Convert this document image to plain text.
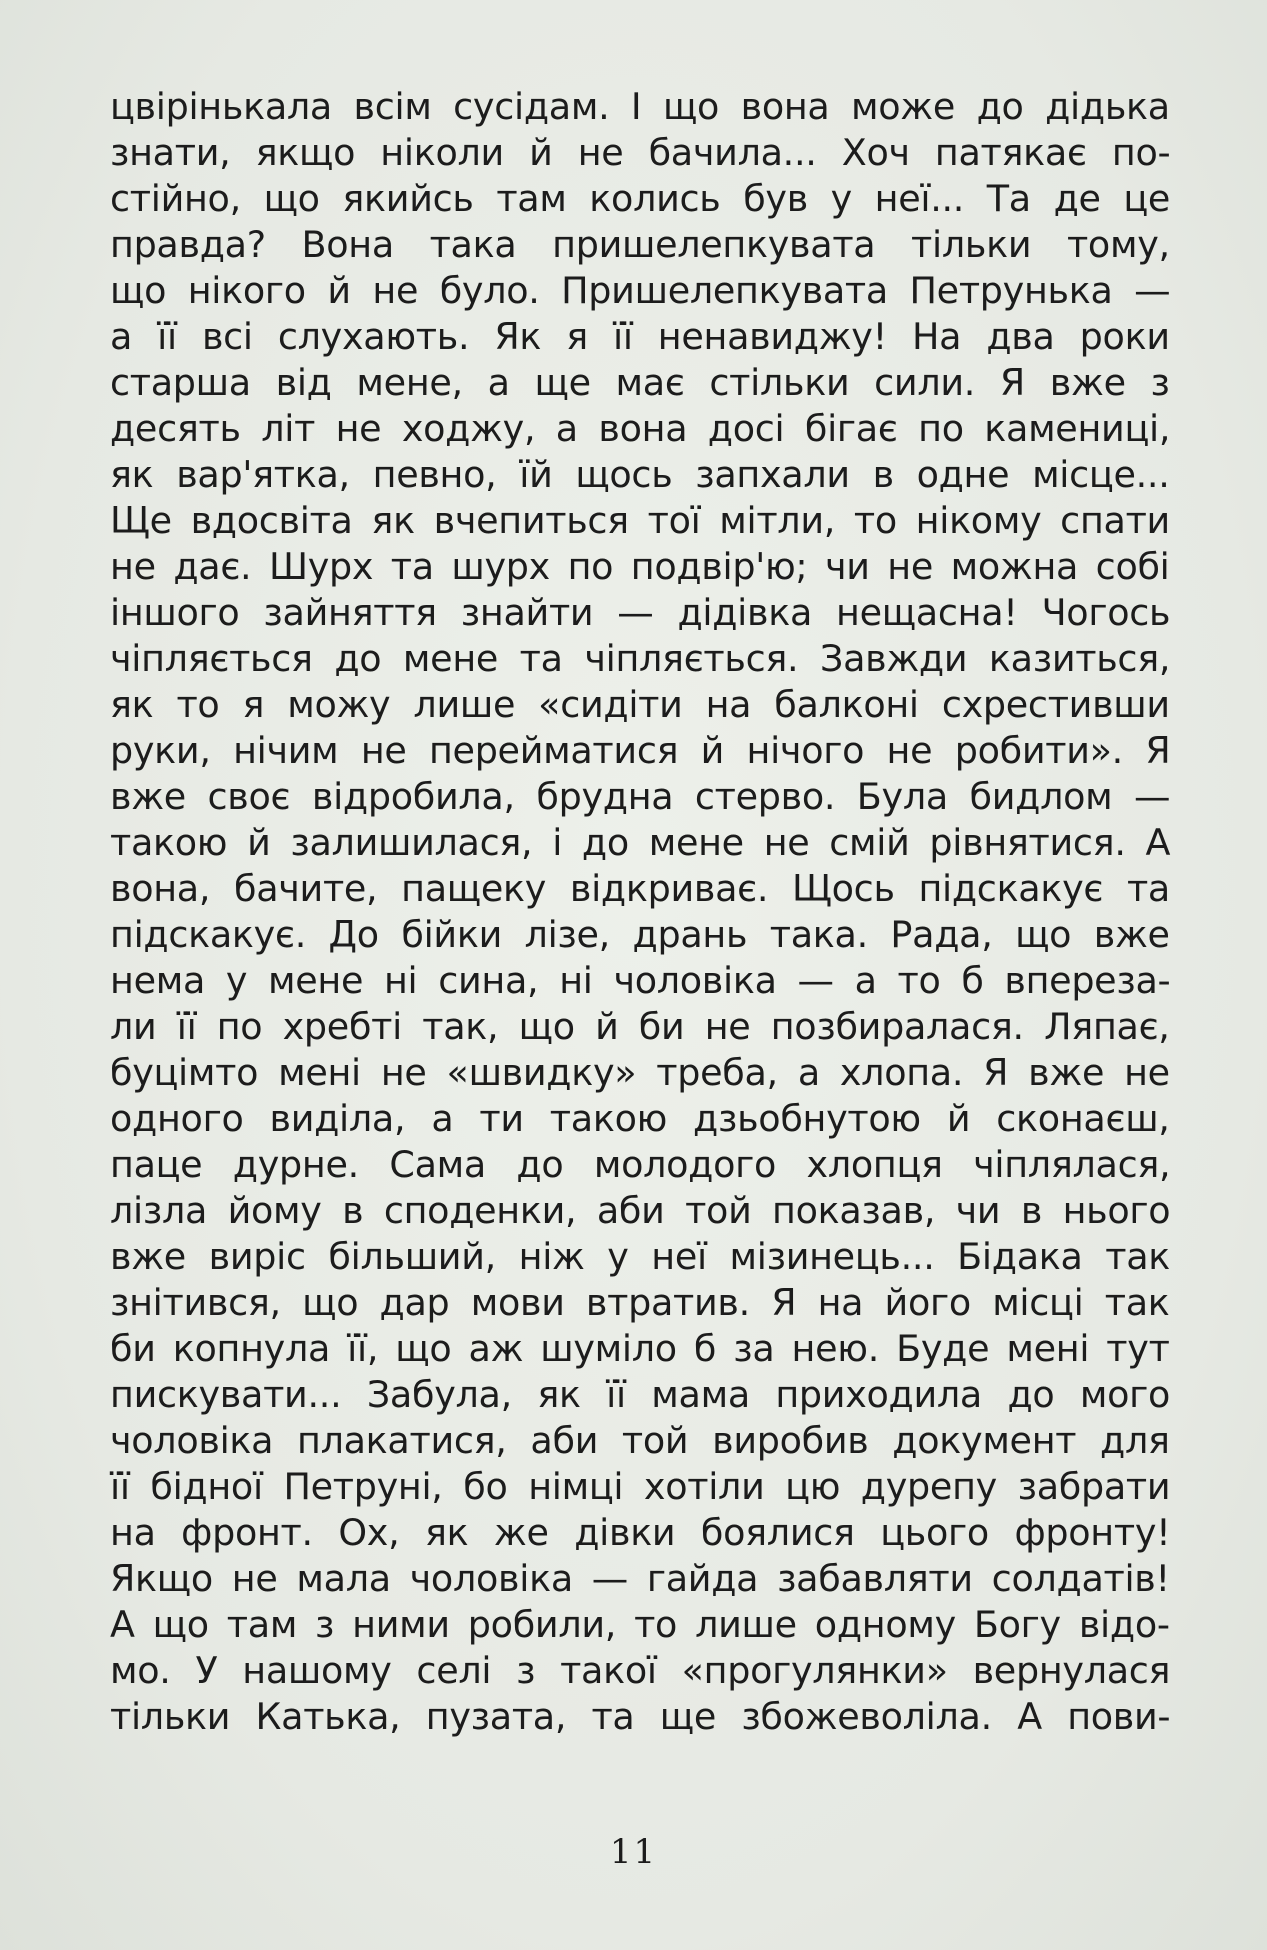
цвірінькала всім сусідам. І що вона може до дідька
знати, якщо ніколи й не бачила... Хоч патякає по-
стійно, що якийсь там колись був у неї... Та де це
правда? Вона така пришелепкувата тільки тому,
що нікого й не було. Пришелепкувата Петрунька —
а її всі слухають. Як я її ненавиджу! На два роки
старша від мене, а ще має стільки сили. Я вже з
десять літ не ходжу, а вона досі бігає по камениці,
як вар'ятка, певно, їй щось запхали в одне місце...
Ще вдосвіта як вчепиться тої мітли, то нікому спати
не дає. Шурх та шурх по подвір'ю; чи не можна собі
іншого зайняття знайти — дідівка нещасна! Чогось
чіпляється до мене та чіпляється. Завжди казиться,
як то я можу лише «сидіти на балконі схрестивши
руки, нічим не перейматися й нічого не робити». Я
вже своє відробила, брудна стерво. Була бидлом —
такою й залишилася, і до мене не смій рівнятися. А
вона, бачите, пащеку відкриває. Щось підскакує та
підскакує. До бійки лізе, дрань така. Рада, що вже
нема у мене ні сина, ні чоловіка — а то б впереза-
ли її по хребті так, що й би не позбиралася. Ляпає,
буцімто мені не «швидку» треба, а хлопа. Я вже не
одного виділа, а ти такою дзьобнутою й сконаєш,
паце дурне. Сама до молодого хлопця чіплялася,
лізла йому в споденки, аби той показав, чи в нього
вже виріс більший, ніж у неї мізинець... Бідака так
знітився, що дар мови втратив. Я на його місці так
би копнула її, що аж шуміло б за нею. Буде мені тут
пискувати... Забула, як її мама приходила до мого
чоловіка плакатися, аби той виробив документ для
її бідної Петруні, бо німці хотіли цю дурепу забрати
на фронт. Ох, як же дівки боялися цього фронту!
Якщо не мала чоловіка — гайда забавляти солдатів!
А що там з ними робили, то лише одному Богу відо-
мо. У нашому селі з такої «прогулянки» вернулася
тільки Катька, пузата, та ще збожеволіла. А пови-
11
